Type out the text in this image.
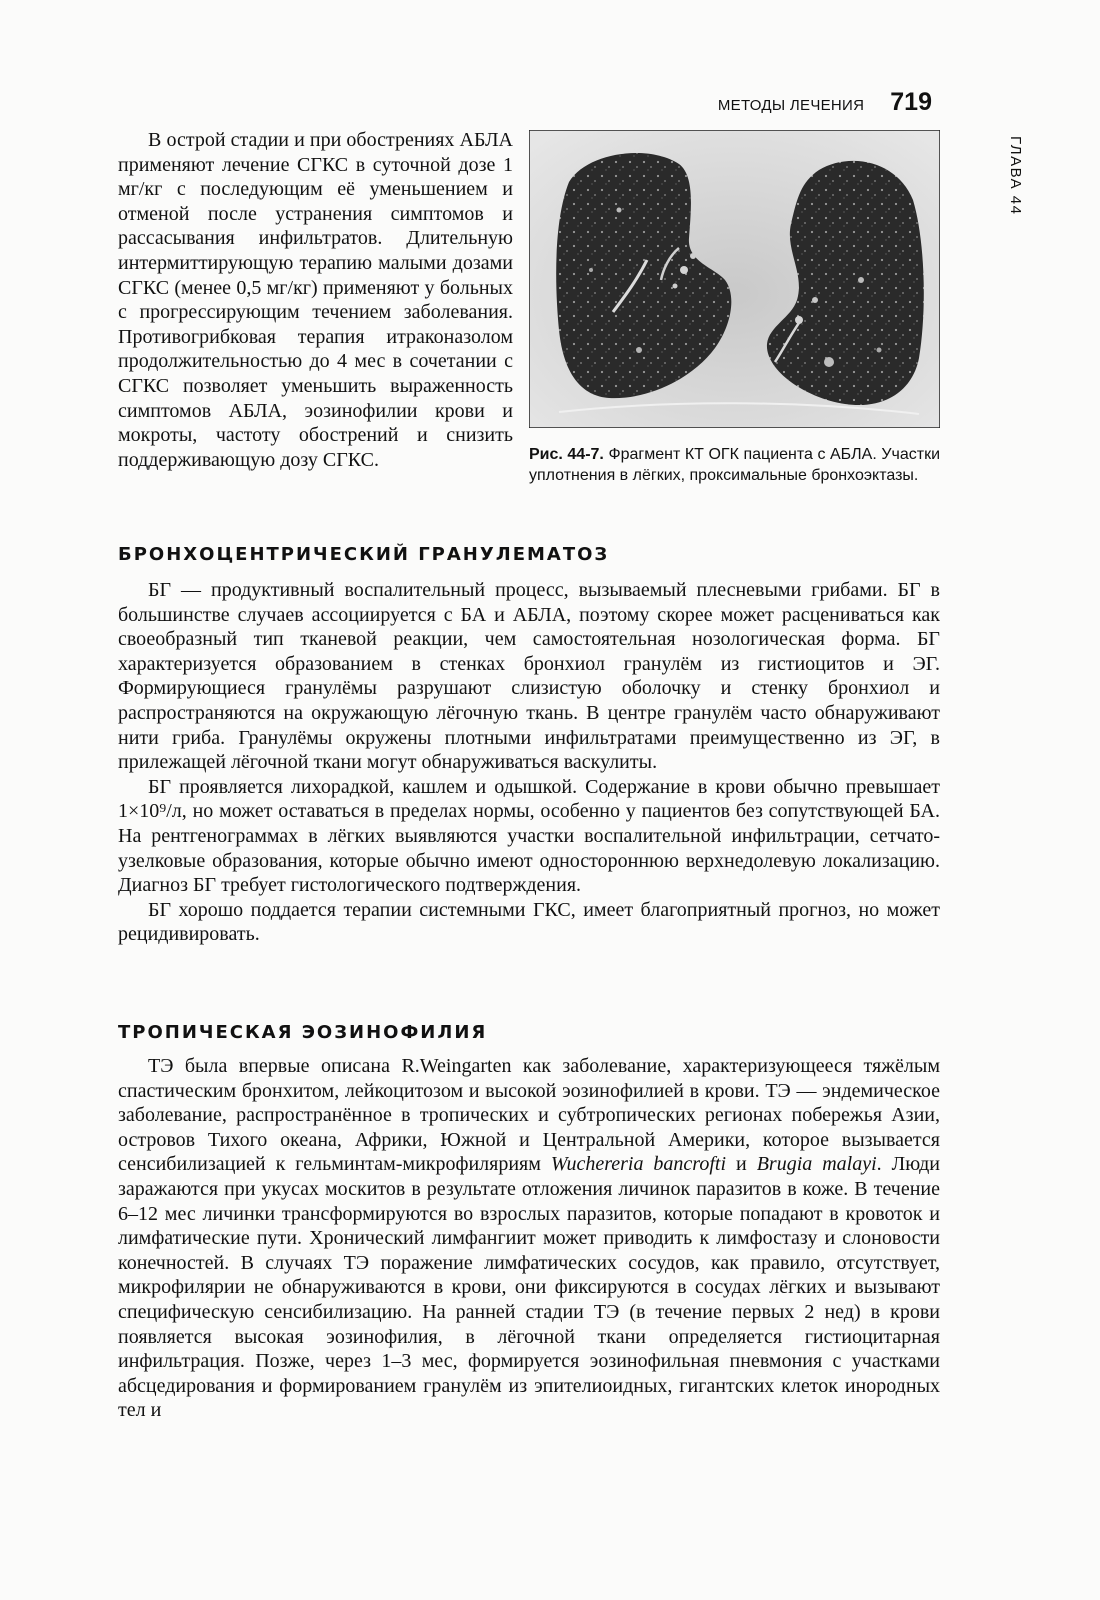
МЕТОДЫ ЛЕЧЕНИЯ 719
ГЛАВА 44

В острой стадии и при обострениях АБЛА применяют лечение СГКС в суточной дозе 1 мг/кг с последующим её уменьшением и отменой после устранения симптомов и рассасывания инфильтратов. Длительную интермиттирующую терапию малыми дозами СГКС (менее 0,5 мг/кг) применяют у больных с прогрессирующим течением заболевания. Противогрибковая терапия итраконазолом продолжительностью до 4 мес в сочетании с СГКС позволяет уменьшить выраженность симптомов АБЛА, эозинофилии крови и мокроты, частоту обострений и снизить поддерживающую дозу СГКС.	Рис. 44-7. Фрагмент КТ ОГК пациента с АБЛА. Участки уплотнения в лёгких, проксимальные бронхоэктазы.
БРОНХОЦЕНТРИЧЕСКИЙ ГРАНУЛЕМАТОЗ

БГ — продуктивный воспалительный процесс, вызываемый плесневыми грибами. БГ в большинстве случаев ассоциируется с БА и АБЛА, поэтому скорее может расцениваться как своеобразный тип тканевой реакции, чем самостоятельная нозологическая форма. БГ характеризуется образованием в стенках бронхиол гранулём из гистиоцитов и ЭГ. Формирующиеся гранулёмы разрушают слизистую оболочку и стенку бронхиол и распространяются на окружающую лёгочную ткань. В центре гранулём часто обнаруживают нити гриба. Гранулёмы окружены плотными инфильтратами преимущественно из ЭГ, в прилежащей лёгочной ткани могут обнаруживаться васкулиты.

БГ проявляется лихорадкой, кашлем и одышкой. Содержание в крови обычно превышает 1×10⁹/л, но может оставаться в пределах нормы, особенно у пациентов без сопутствующей БА. На рентгенограммах в лёгких выявляются участки воспалительной инфильтрации, сетчато-узелковые образования, которые обычно имеют одностороннюю верхнедолевую локализацию. Диагноз БГ требует гистологического подтверждения.

БГ хорошо поддается терапии системными ГКС, имеет благоприятный прогноз, но может рецидивировать.

ТРОПИЧЕСКАЯ ЭОЗИНОФИЛИЯ

ТЭ была впервые описана R.Weingarten как заболевание, характеризующееся тяжёлым спастическим бронхитом, лейкоцитозом и высокой эозинофилией в крови. ТЭ — эндемическое заболевание, распространённое в тропических и субтропических регионах побережья Азии, островов Тихого океана, Африки, Южной и Центральной Америки, которое вызывается сенсибилизацией к гельминтам-микрофиляриям Wuchereria bancrofti и Brugia malayi. Люди заражаются при укусах москитов в результате отложения личинок паразитов в коже. В течение 6–12 мес личинки трансформируются во взрослых паразитов, которые попадают в кровоток и лимфатические пути. Хронический лимфангиит может приводить к лимфостазу и слоновости конечностей. В случаях ТЭ поражение лимфатических сосудов, как правило, отсутствует, микрофилярии не обнаруживаются в крови, они фиксируются в сосудах лёгких и вызывают специфическую сенсибилизацию. На ранней стадии ТЭ (в течение первых 2 нед) в крови появляется высокая эозинофилия, в лёгочной ткани определяется гистиоцитарная инфильтрация. Позже, через 1–3 мес, формируется эозинофильная пневмония с участками абсцедирования и формированием гранулём из эпителиоидных, гигантских клеток инородных тел и
